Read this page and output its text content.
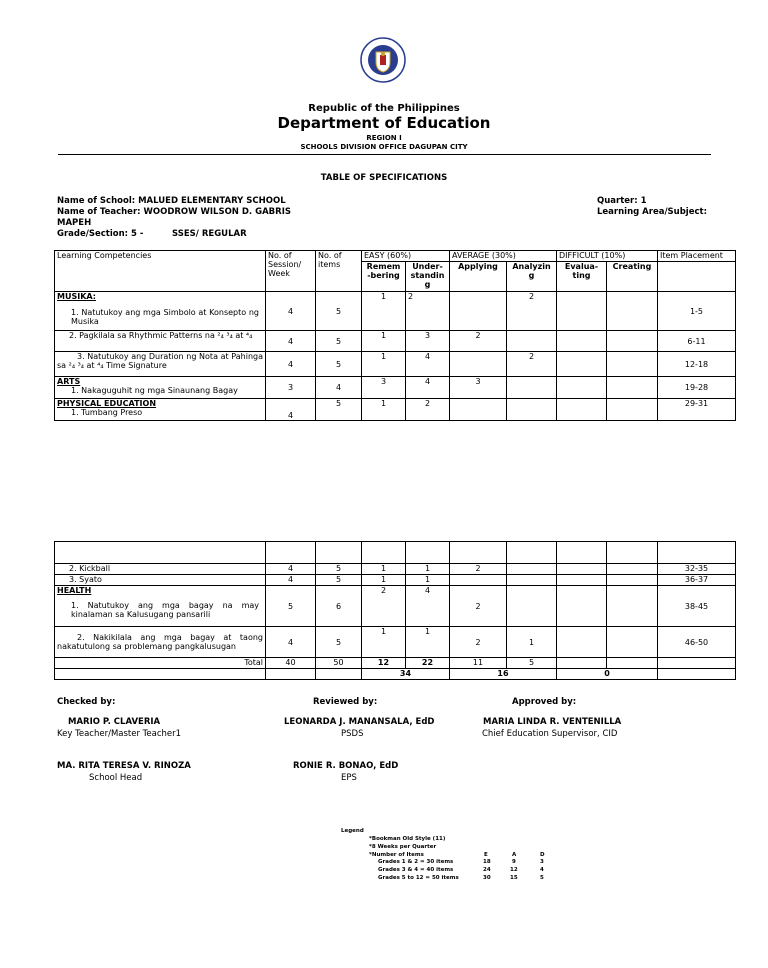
Republic of the Philippines
Department of Education
REGION I
SCHOOLS DIVISION OFFICE DAGUPAN CITY
TABLE OF SPECIFICATIONS
Name of School: MALUED ELEMENTARY SCHOOL
Name of Teacher: WOODROW WILSON D. GABRIS
MAPEH
Grade/Section: 5 -	SSES/ REGULAR
Quarter: 1
Learning Area/Subject:
Learning Competencies	No. of Session/ Week	No. of items	EASY (60%)		AVERAGE (30%)		DIFFICULT (10%)		Item Placement
			Remem -bering	Under- standin g	Applying	Analyzin g	Evalua- ting	Creating	

MUSIKA:
1. Natutukoy ang mga Simbolo at Konsepto ng Musika	4	5	1	2		2			1-5
2. Pagkilala sa Rhythmic Patterns na ²₄ ³₄ at ⁴₄	4	5	1	3	2				6-11
3. Natutukoy ang Duration ng Nota at Pahinga sa ²₄ ³₄ at ⁴₄ Time Signature	4	5	1	4		2			12-18

ARTS
1. Nakaguguhit ng mga Sinaunang Bagay	3	4	3	4	3				19-28

PHYSICAL EDUCATION
1. Tumbang Preso	4	5	1	2					29-31

2. Kickball	4	5	1	1	2				32-35
3. Syato	4	5	1	1					36-37

HEALTH
1. Natutukoy ang mga bagay na may kinalaman sa Kalusugang pansarili	5	6	2	4	2				38-45
2. Nakikilala ang mga bagay at taong nakatutulong sa problemang pangkalusugan	4	5	1	1	2	1			46-50
Total	40	50	12	22	11	5			
			34		16		0		
Checked by:	Reviewed by:	Approved by:
MARIO P. CLAVERIA
Key Teacher/Master Teacher1
LEONARDA J. MANANSALA, EdD
PSDS
MARIA LINDA R. VENTENILLA
Chief Education Supervisor, CID
MA. RITA TERESA V. RINOZA
School Head
RONIE R. BONAO, EdD
EPS
Legend
*Bookman Old Style (11)
*8 Weeks per Quarter
*Number of Items	E	A	D
Grades 1 & 2 = 30 items	18	9	3
Grades 3 & 4 = 40 items	24	12	4
Grades 5 to 12 = 50 items	30	15	5
